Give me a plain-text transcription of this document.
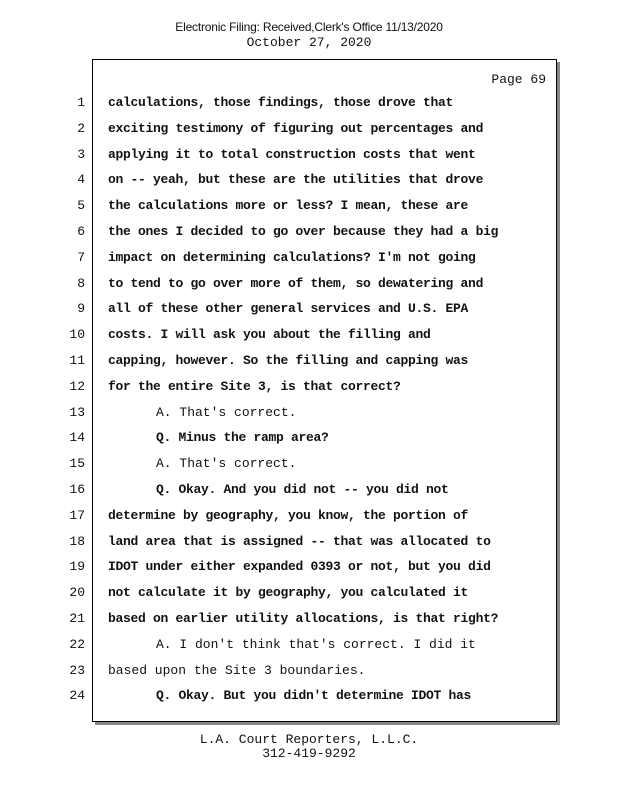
Electronic Filing: Received,Clerk's Office 11/13/2020
October 27, 2020
Page 69
1 calculations, those findings, those drove that
2 exciting testimony of figuring out percentages and
3 applying it to total construction costs that went
4 on -- yeah, but these are the utilities that drove
5 the calculations more or less? I mean, these are
6 the ones I decided to go over because they had a big
7 impact on determining calculations? I'm not going
8 to tend to go over more of them, so dewatering and
9 all of these other general services and U.S. EPA
10 costs. I will ask you about the filling and
11 capping, however. So the filling and capping was
12 for the entire Site 3, is that correct?
13	A. That's correct.
14	Q. Minus the ramp area?
15	A. That's correct.
16	Q. Okay. And you did not -- you did not
17 determine by geography, you know, the portion of
18 land area that is assigned -- that was allocated to
19 IDOT under either expanded 0393 or not, but you did
20 not calculate it by geography, you calculated it
21 based on earlier utility allocations, is that right?
22	A. I don't think that's correct. I did it
23 based upon the Site 3 boundaries.
24	Q. Okay. But you didn't determine IDOT has
L.A. Court Reporters, L.L.C.
312-419-9292
